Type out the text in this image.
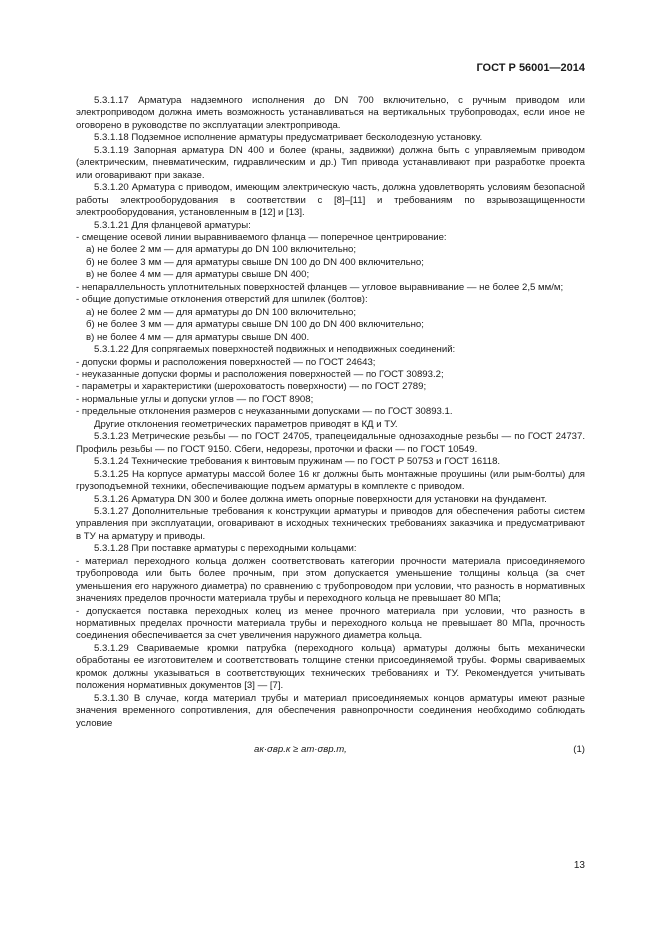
ГОСТ Р 56001—2014

5.3.1.17 Арматура надземного исполнения до DN 700 включительно, с ручным приводом или электроприводом должна иметь возможность устанавливаться на вертикальных трубопроводах, если иное не оговорено в руководстве по эксплуатации электропривода.

5.3.1.18 Подземное исполнение арматуры предусматривает бесколодезную установку.

5.3.1.19 Запорная арматура DN 400 и более (краны, задвижки) должна быть с управляемым приводом (электрическим, пневматическим, гидравлическим и др.) Тип привода устанавливают при разработке проекта или оговаривают при заказе.

5.3.1.20 Арматура с приводом, имеющим электрическую часть, должна удовлетворять условиям безопасной работы электрооборудования в соответствии с [8]–[11] и требованиям по взрывозащищенности электрооборудования, установленным в [12] и [13].

5.3.1.21 Для фланцевой арматуры:

- смещение осевой линии выравниваемого фланца — поперечное центрирование:

а) не более 2 мм — для арматуры до DN 100 включительно;

б) не более 3 мм — для арматуры свыше DN 100 до DN 400 включительно;

в) не более 4 мм — для арматуры свыше DN 400;

- непараллельность уплотнительных поверхностей фланцев — угловое выравнивание — не более 2,5 мм/м;

- общие допустимые отклонения отверстий для шпилек (болтов):

а) не более 2 мм — для арматуры до DN 100 включительно;

б) не более 3 мм — для арматуры свыше DN 100 до DN 400 включительно;

в) не более 4 мм — для арматуры свыше DN 400.

5.3.1.22 Для сопрягаемых поверхностей подвижных и неподвижных соединений:

- допуски формы и расположения поверхностей — по ГОСТ 24643;

- неуказанные допуски формы и расположения поверхностей — по ГОСТ 30893.2;

- параметры и характеристики (шероховатость поверхности) — по ГОСТ 2789;

- нормальные углы и допуски углов — по ГОСТ 8908;

- предельные отклонения размеров с неуказанными допусками — по ГОСТ 30893.1.

Другие отклонения геометрических параметров приводят в КД и ТУ.

5.3.1.23 Метрические резьбы — по ГОСТ 24705, трапецеидальные однозаходные резьбы — по ГОСТ 24737. Профиль резьбы — по ГОСТ 9150. Сбеги, недорезы, проточки и фаски — по ГОСТ 10549.

5.3.1.24 Технические требования к винтовым пружинам — по ГОСТ Р 50753 и ГОСТ 16118.

5.3.1.25 На корпусе арматуры массой более 16 кг должны быть монтажные проушины (или рым-болты) для грузоподъемной техники, обеспечивающие подъем арматуры в комплекте с приводом.

5.3.1.26 Арматура DN 300 и более должна иметь опорные поверхности для установки на фундамент.

5.3.1.27 Дополнительные требования к конструкции арматуры и приводов для обеспечения работы систем управления при эксплуатации, оговаривают в исходных технических требованиях заказчика и предусматривают в ТУ на арматуру и приводы.

5.3.1.28 При поставке арматуры с переходными кольцами:

- материал переходного кольца должен соответствовать категории прочности материала присоединяемого трубопровода или быть более прочным, при этом допускается уменьшение толщины кольца (за счет уменьшения его наружного диаметра) по сравнению с трубопроводом при условии, что разность в нормативных значениях пределов прочности материала трубы и переходного кольца не превышает 80 МПа;

- допускается поставка переходных колец из менее прочного материала при условии, что разность в нормативных пределах прочности материала трубы и переходного кольца не превышает 80 МПа, прочность соединения обеспечивается за счет увеличения наружного диаметра кольца.

5.3.1.29 Свариваемые кромки патрубка (переходного кольца) арматуры должны быть механически обработаны ее изготовителем и соответствовать толщине стенки присоединяемой трубы. Формы свариваемых кромок должны указываться в соответствующих технических требованиях и ТУ. Рекомендуется учитывать положения нормативных документов [3] — [7].

5.3.1.30 В случае, когда материал трубы и материал присоединяемых концов арматуры имеют разные значения временного сопротивления, для обеспечения равнопрочности соединения необходимо соблюдать условие

aк·σвр.к ≥ aт·σвр.т,	(1)
13
